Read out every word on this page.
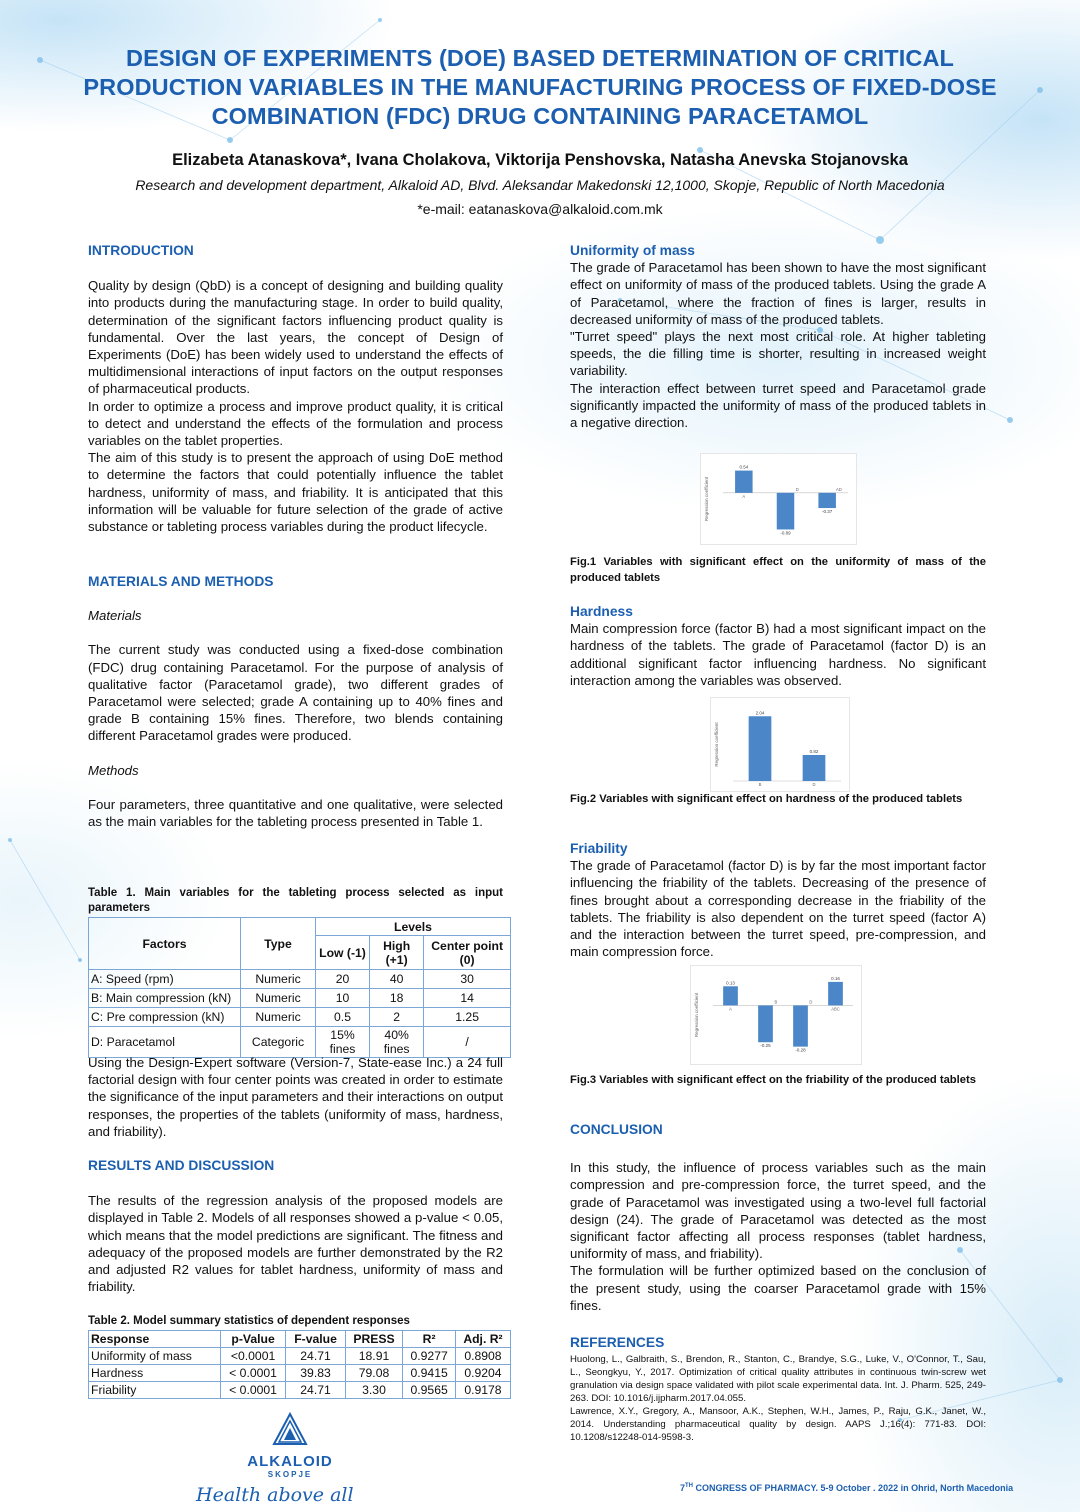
DESIGN OF EXPERIMENTS (DOE) BASED DETERMINATION OF CRITICAL PRODUCTION VARIABLES IN THE MANUFACTURING PROCESS OF FIXED-DOSE COMBINATION (FDC) DRUG CONTAINING PARACETAMOL
Elizabeta Atanaskova*, Ivana Cholakova, Viktorija Penshovska, Natasha Anevska Stojanovska
Research and development department, Alkaloid AD, Blvd. Aleksandar Makedonski 12,1000, Skopje, Republic of North Macedonia
*e-mail: eatanaskova@alkaloid.com.mk
INTRODUCTION

Quality by design (QbD) is a concept of designing and building quality into products during the manufacturing stage. In order to build quality, determination of the significant factors influencing product quality is fundamental. Over the last years, the concept of Design of Experiments (DoE) has been widely used to understand the effects of multidimensional interactions of input factors on the output responses of pharmaceutical products.

In order to optimize a process and improve product quality, it is critical to detect and understand the effects of the formulation and process variables on the tablet properties.

The aim of this study is to present the approach of using DoE method to determine the factors that could potentially influence the tablet hardness, uniformity of mass, and friability. It is anticipated that this information will be valuable for future selection of the grade of active substance or tableting process variables during the product lifecycle.

MATERIALS AND METHODS
Materials

The current study was conducted using a fixed-dose combination (FDC) drug containing Paracetamol. For the purpose of analysis of qualitative factor (Paracetamol grade), two different grades of Paracetamol were selected; grade A containing up to 40% fines and grade B containing 15% fines. Therefore, two blends containing different Paracetamol grades were produced.

Methods

Four parameters, three quantitative and one qualitative, were selected as the main variables for the tableting process presented in Table 1.

Table 1. Main variables for the tableting process selected as input parameters
Factors	Type	Levels		
		Low (-1)	High (+1)	Center point (0)
A: Speed (rpm)	Numeric	20	40	30
B: Main compression (kN)	Numeric	10	18	14
C: Pre compression (kN)	Numeric	0.5	2	1.25
D: Paracetamol	Categoric	15% fines	40% fines	/

Using the Design-Expert software (Version-7, State-ease Inc.) a 24 full factorial design with four center points was created in order to estimate the significance of the input parameters and their interactions on output responses, the properties of the tablets (uniformity of mass, hardness, and friability).

RESULTS AND DISCUSSION

The results of the regression analysis of the proposed models are displayed in Table 2. Models of all responses showed a p-value < 0.05, which means that the model predictions are significant. The fitness and adequacy of the proposed models are further demonstrated by the R2 and adjusted R2 values for tablet hardness, uniformity of mass and friability.

Table 2. Model summary statistics of dependent responses
Response	p-Value	F-value	PRESS	R²	Adj. R²
Uniformity of mass	<0.0001	24.71	18.91	0.9277	0.8908
Hardness	< 0.0001	39.83	79.08	0.9415	0.9204
Friability	< 0.0001	24.71	3.30	0.9565	0.9178
Uniformity of mass

The grade of Paracetamol has been shown to have the most significant effect on uniformity of mass of the produced tablets. Using the grade A of Paracetamol, where the fraction of fines is larger, results in decreased uniformity of mass of the produced tablets.

"Turret speed" plays the next most critical role. At higher tableting speeds, the die filling time is shorter, resulting in increased weight variability.

The interaction effect between turret speed and Paracetamol grade significantly impacted the uniformity of mass of the produced tablets in a negative direction.

Regression coefficient
0.54
A
-0.89
D
-0.37
AD
Fig.1 Variables with significant effect on the uniformity of mass of the produced tablets
Hardness

Main compression force (factor B) had a most significant impact on the hardness of the tablets. The grade of Paracetamol (factor D) is an additional significant factor influencing hardness. No significant interaction among the variables was observed.

Regression coefficient
2.04
B
0.82
D
Fig.2 Variables with significant effect on hardness of the produced tablets
Friability

The grade of Paracetamol (factor D) is by far the most important factor influencing the friability of the tablets. Decreasing of the presence of fines brought about a corresponding decrease in the friability of the tablets. The friability is also dependent on the turret speed (factor A) and the interaction between the turret speed, pre-compression, and main compression force.

Regression coefficient
0.13
A
-0.25
B
-0.28
D
0.16
ABC
Fig.3 Variables with significant effect on the friability of the produced tablets
CONCLUSION

In this study, the influence of process variables such as the main compression and pre-compression force, the turret speed, and the grade of Paracetamol was investigated using a two-level full factorial design (24). The grade of Paracetamol was detected as the most significant factor affecting all process responses (tablet hardness, uniformity of mass, and friability).

The formulation will be further optimized based on the conclusion of the present study, using the coarser Paracetamol grade with 15% fines.

REFERENCES

Huolong, L., Galbraith, S., Brendon, R., Stanton, C., Brandye, S.G., Luke, V., O'Connor, T., Sau, L., Seongkyu, Y., 2017. Optimization of critical quality attributes in continuous twin-screw wet granulation via design space validated with pilot scale experimental data. Int. J. Pharm. 525, 249-263. DOI: 10.1016/j.ijpharm.2017.04.055.

Lawrence, X.Y., Gregory, A., Mansoor, A.K., Stephen, W.H., James, P., Raju, G.K., Janet, W., 2014. Understanding pharmaceutical quality by design. AAPS J.;16(4): 771-83. DOI: 10.1208/s12248-014-9598-3.

ALKALOID
SKOPJE
Health above all	7TH CONGRESS OF PHARMACY. 5-9 October . 2022 in Ohrid, North Macedonia
